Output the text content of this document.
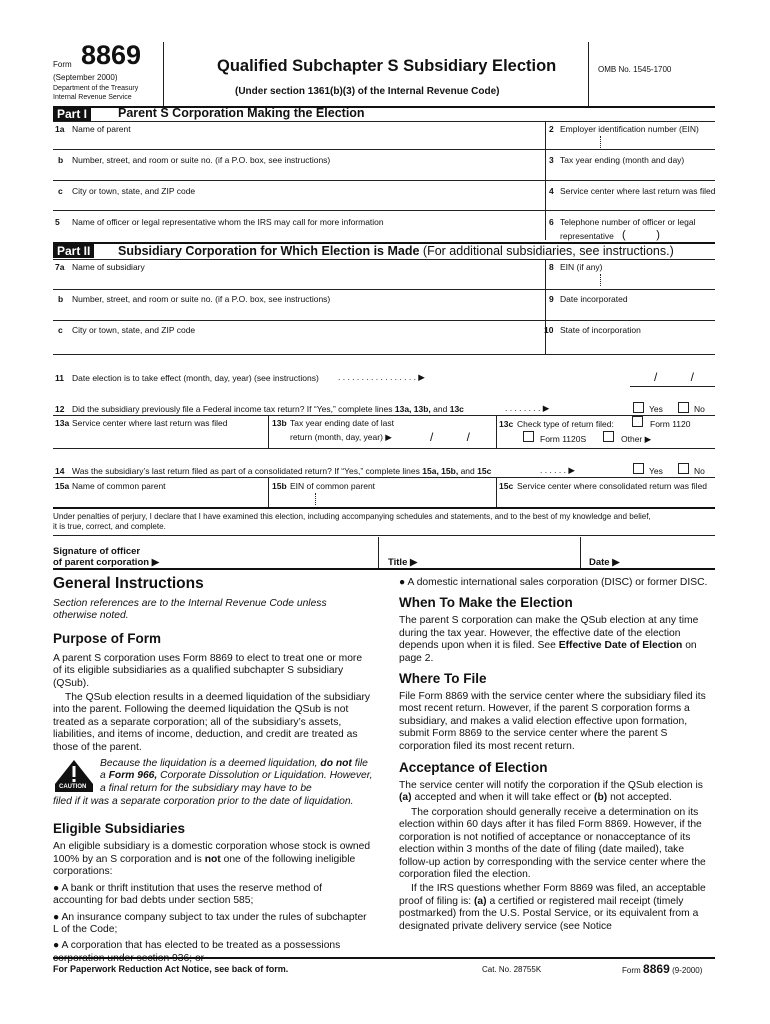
Form 8869
(September 2000)
Department of the Treasury
Internal Revenue Service
Qualified Subchapter S Subsidiary Election
(Under section 1361(b)(3) of the Internal Revenue Code)
OMB No. 1545-1700
Part I	Parent S Corporation Making the Election
1a Name of parent	2 Employer identification number (EIN)
b Number, street, and room or suite no. (if a P.O. box, see instructions)	3 Tax year ending (month and day)
c City or town, state, and ZIP code	4 Service center where last return was filed
5 Name of officer or legal representative whom the IRS may call for more information	6 Telephone number of officer or legal
representative (          )
Part II	Subsidiary Corporation for Which Election is Made (For additional subsidiaries, see instructions.)
7a Name of subsidiary	8 EIN (if any)
b Number, street, and room or suite no. (if a P.O. box, see instructions)	9 Date incorporated
c City or town, state, and ZIP code	10 State of incorporation
11 Date election is to take effect (month, day, year) (see instructions) . . . . . . . . . . . . . . . . . ▶	/          /
12 Did the subsidiary previously file a Federal income tax return? If “Yes,” complete lines 13a, 13b, and 13c	. . . . . . . . ▶	Yes	No
13a Service center where last return was filed	13b Tax year ending date of last
return (month, day, year) ▶	/          /
13c Check type of return filed:	Form 1120
Form 1120S	Other ▶
14 Was the subsidiary’s last return filed as part of a consolidated return? If “Yes,” complete lines 15a, 15b, and 15c	. . . . . . ▶	Yes	No
15a Name of common parent	15b EIN of common parent	15c Service center where consolidated return was filed
Under penalties of perjury, I declare that I have examined this election, including accompanying schedules and statements, and to the best of my knowledge and belief,
it is true, correct, and complete.
Signature of officer
of parent corporation ▶	Title ▶	Date ▶
General Instructions
Section references are to the Internal Revenue Code unless otherwise noted.
Purpose of Form
A parent S corporation uses Form 8869 to elect to treat one or more of its eligible subsidiaries as a qualified subchapter S subsidiary (QSub).
The QSub election results in a deemed liquidation of the subsidiary into the parent. Following the deemed liquidation the QSub is not treated as a separate corporation; all of the subsidiary’s assets, liabilities, and items of income, deduction, and credit are treated as those of the parent.
CAUTION
Because the liquidation is a deemed liquidation, do not file a Form 966, Corporate Dissolution or Liquidation. However, a final return for the subsidiary may have to be
filed if it was a separate corporation prior to the date of liquidation.
Eligible Subsidiaries
An eligible subsidiary is a domestic corporation whose stock is owned 100% by an S corporation and is not one of the following ineligible corporations:
● A bank or thrift institution that uses the reserve method of accounting for bad debts under section 585;
● An insurance company subject to tax under the rules of subchapter L of the Code;
● A corporation that has elected to be treated as a possessions corporation under section 936; or
● A domestic international sales corporation (DISC) or former DISC.
When To Make the Election
The parent S corporation can make the QSub election at any time during the tax year. However, the effective date of the election depends upon when it is filed. See Effective Date of Election on page 2.
Where To File
File Form 8869 with the service center where the subsidiary filed its most recent return. However, if the parent S corporation forms a subsidiary, and makes a valid election effective upon formation, submit Form 8869 to the service center where the parent S corporation filed its most recent return.
Acceptance of Election
The service center will notify the corporation if the QSub election is (a) accepted and when it will take effect or (b) not accepted.
The corporation should generally receive a determination on its election within 60 days after it has filed Form 8869. However, if the corporation is not notified of acceptance or nonacceptance of its election within 3 months of the date of filing (date mailed), take follow-up action by corresponding with the service center where the corporation filed the election.
If the IRS questions whether Form 8869 was filed, an acceptable proof of filing is: (a) a certified or registered mail receipt (timely postmarked) from the U.S. Postal Service, or its equivalent from a designated private delivery service (see Notice
For Paperwork Reduction Act Notice, see back of form.	Cat. No. 28755K	Form 8869 (9-2000)
